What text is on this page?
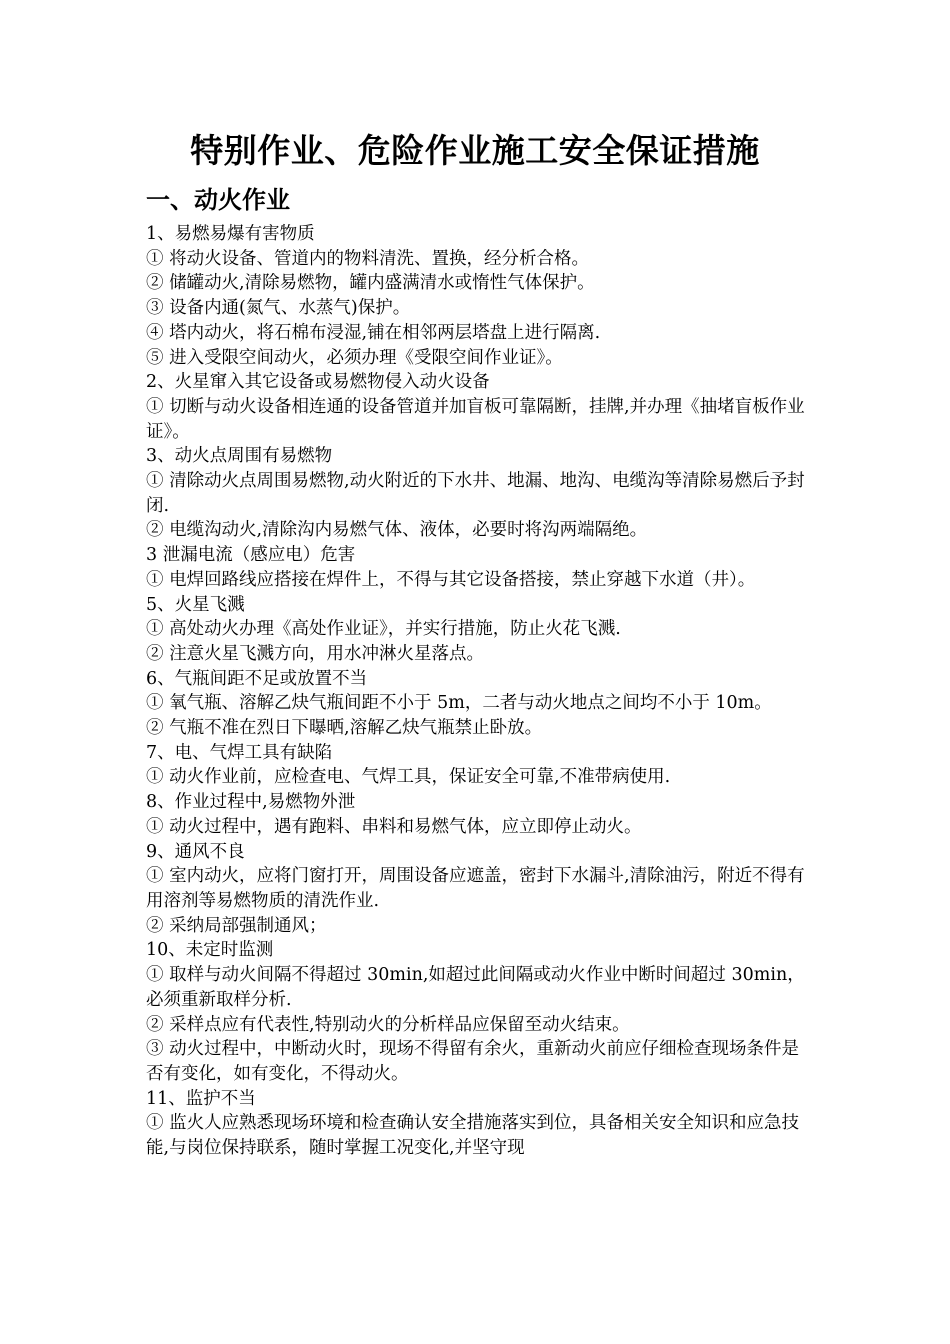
特别作业、危险作业施工安全保证措施
一、动火作业

1、易燃易爆有害物质

① 将动火设备、管道内的物料清洗、置换，经分析合格。

② 储罐动火,清除易燃物，罐内盛满清水或惰性气体保护。

③ 设备内通(氮气、水蒸气)保护。

④ 塔内动火，将石棉布浸湿,铺在相邻两层塔盘上进行隔离.

⑤ 进入受限空间动火，必须办理《受限空间作业证》。

2、火星窜入其它设备或易燃物侵入动火设备

① 切断与动火设备相连通的设备管道并加盲板可靠隔断，挂牌,并办理《抽堵盲板作业证》。

3、动火点周围有易燃物

① 清除动火点周围易燃物,动火附近的下水井、地漏、地沟、电缆沟等清除易燃后予封闭.

② 电缆沟动火,清除沟内易燃气体、液体，必要时将沟两端隔绝。

3 泄漏电流（感应电）危害

① 电焊回路线应搭接在焊件上，不得与其它设备搭接，禁止穿越下水道（井）。

5、火星飞溅

① 高处动火办理《高处作业证》，并实行措施，防止火花飞溅.

② 注意火星飞溅方向，用水冲淋火星落点。

6、气瓶间距不足或放置不当

① 氧气瓶、溶解乙炔气瓶间距不小于 5m，二者与动火地点之间均不小于 10m。

② 气瓶不准在烈日下曝晒,溶解乙炔气瓶禁止卧放。

7、电、气焊工具有缺陷

① 动火作业前，应检查电、气焊工具，保证安全可靠,不准带病使用.

8、作业过程中,易燃物外泄

① 动火过程中，遇有跑料、串料和易燃气体，应立即停止动火。

9、通风不良

① 室内动火，应将门窗打开，周围设备应遮盖，密封下水漏斗,清除油污，附近不得有用溶剂等易燃物质的清洗作业.

② 采纳局部强制通风；

10、未定时监测

① 取样与动火间隔不得超过 30min,如超过此间隔或动火作业中断时间超过 30min，必须重新取样分析.

② 采样点应有代表性,特别动火的分析样品应保留至动火结束。

③ 动火过程中，中断动火时，现场不得留有余火，重新动火前应仔细检查现场条件是否有变化，如有变化，不得动火。

11、监护不当

① 监火人应熟悉现场环境和检查确认安全措施落实到位，具备相关安全知识和应急技能,与岗位保持联系，随时掌握工况变化,并坚守现
